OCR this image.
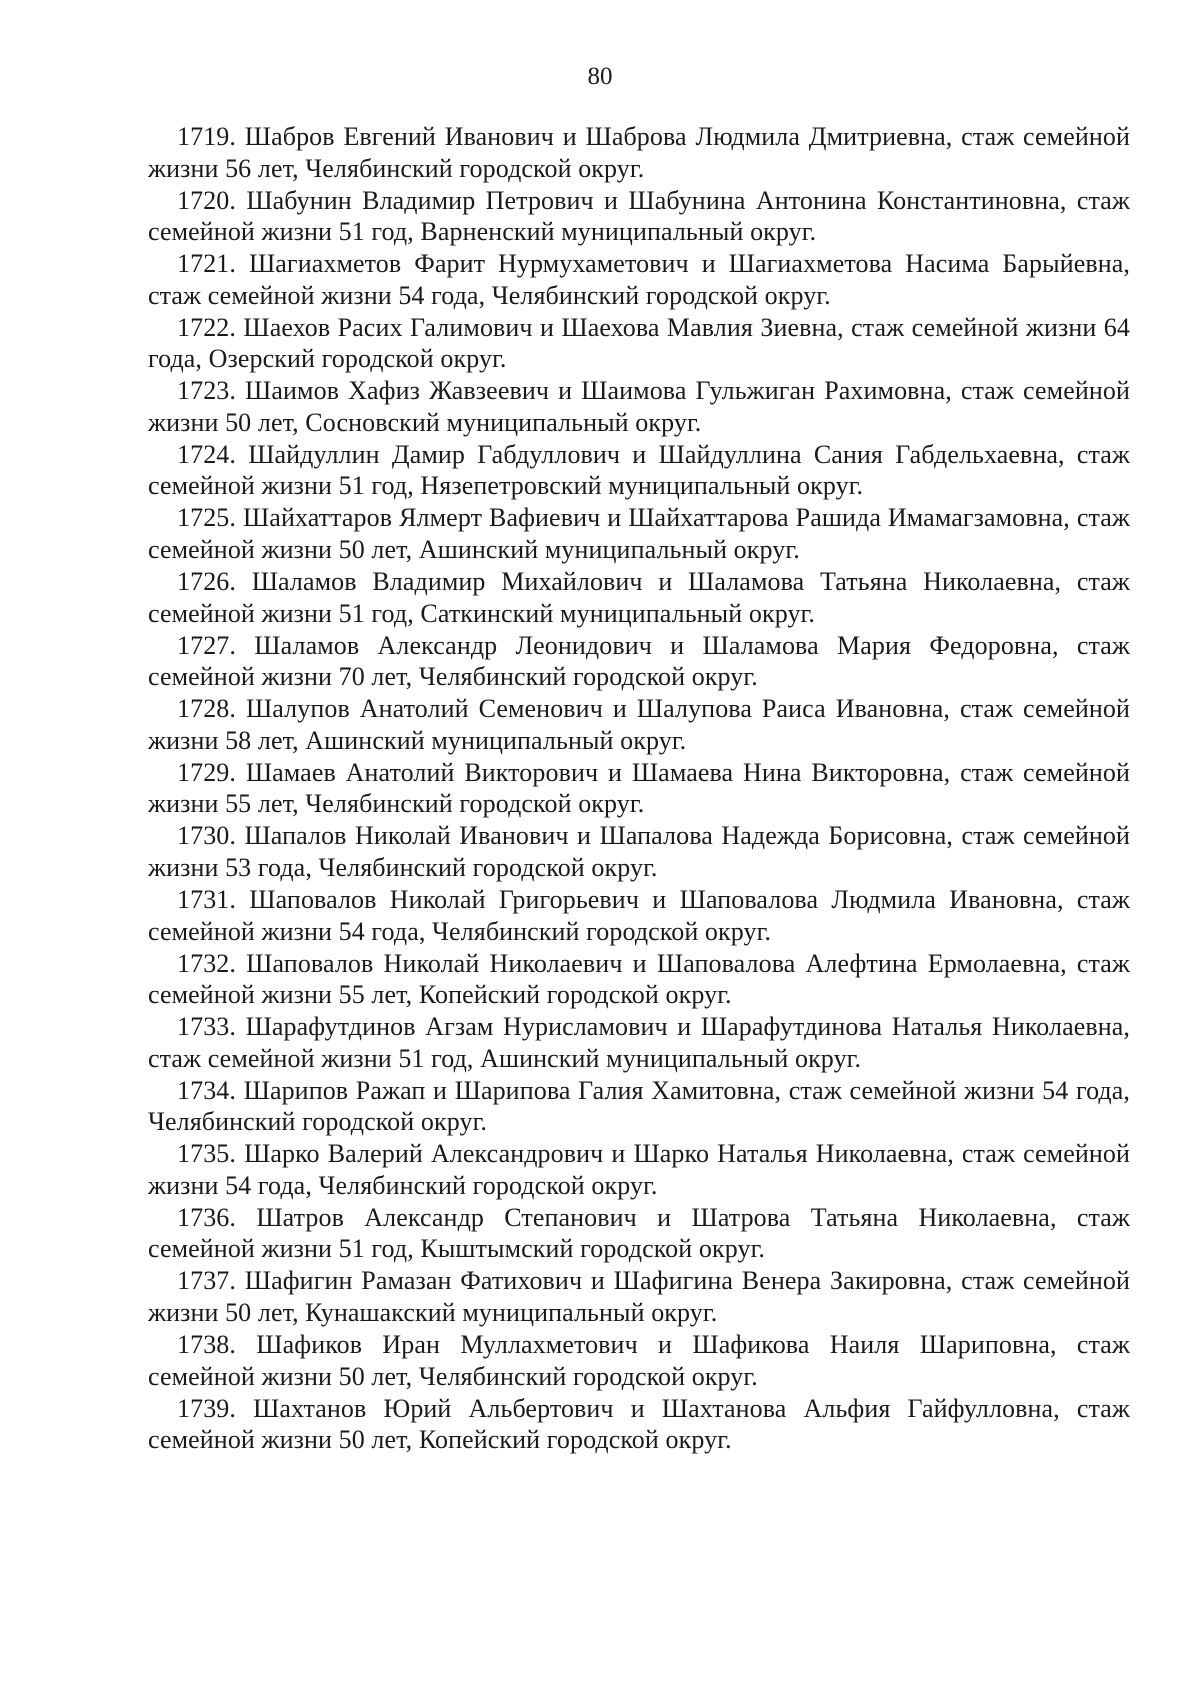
80

1719. Шабров Евгений Иванович и Шаброва Людмила Дмитриевна, стаж семейной жизни 56 лет, Челябинский городской округ.

1720. Шабунин Владимир Петрович и Шабунина Антонина Константиновна, стаж семейной жизни 51 год, Варненский муниципальный округ.

1721. Шагиахметов Фарит Нурмухаметович и Шагиахметова Насима Барыйевна, стаж семейной жизни 54 года, Челябинский городской округ.

1722. Шаехов Расих Галимович и Шаехова Мавлия Зиевна, стаж семейной жизни 64 года, Озерский городской округ.

1723. Шаимов Хафиз Жавзеевич и Шаимова Гульжиган Рахимовна, стаж семейной жизни 50 лет, Сосновский муниципальный округ.

1724. Шайдуллин Дамир Габдуллович и Шайдуллина Сания Габдельхаевна, стаж семейной жизни 51 год, Нязепетровский муниципальный округ.

1725. Шайхаттаров Ялмерт Вафиевич и Шайхаттарова Рашида Имамагзамовна, стаж семейной жизни 50 лет, Ашинский муниципальный округ.

1726. Шаламов Владимир Михайлович и Шаламова Татьяна Николаевна, стаж семейной жизни 51 год, Саткинский муниципальный округ.

1727. Шаламов Александр Леонидович и Шаламова Мария Федоровна, стаж семейной жизни 70 лет, Челябинский городской округ.

1728. Шалупов Анатолий Семенович и Шалупова Раиса Ивановна, стаж семейной жизни 58 лет, Ашинский муниципальный округ.

1729. Шамаев Анатолий Викторович и Шамаева Нина Викторовна, стаж семейной жизни 55 лет, Челябинский городской округ.

1730. Шапалов Николай Иванович и Шапалова Надежда Борисовна, стаж семейной жизни 53 года, Челябинский городской округ.

1731. Шаповалов Николай Григорьевич и Шаповалова Людмила Ивановна, стаж семейной жизни 54 года, Челябинский городской округ.

1732. Шаповалов Николай Николаевич и Шаповалова Алефтина Ермолаевна, стаж семейной жизни 55 лет, Копейский городской округ.

1733. Шарафутдинов Агзам Нурисламович и Шарафутдинова Наталья Николаевна, стаж семейной жизни 51 год, Ашинский муниципальный округ.

1734. Шарипов Ражап и Шарипова Галия Хамитовна, стаж семейной жизни 54 года, Челябинский городской округ.

1735. Шарко Валерий Александрович и Шарко Наталья Николаевна, стаж семейной жизни 54 года, Челябинский городской округ.

1736. Шатров Александр Степанович и Шатрова Татьяна Николаевна, стаж семейной жизни 51 год, Кыштымский городской округ.

1737. Шафигин Рамазан Фатихович и Шафигина Венера Закировна, стаж семейной жизни 50 лет, Кунашакский муниципальный округ.

1738. Шафиков Иран Муллахметович и Шафикова Наиля Шариповна, стаж семейной жизни 50 лет, Челябинский городской округ.

1739. Шахтанов Юрий Альбертович и Шахтанова Альфия Гайфулловна, стаж семейной жизни 50 лет, Копейский городской округ.
